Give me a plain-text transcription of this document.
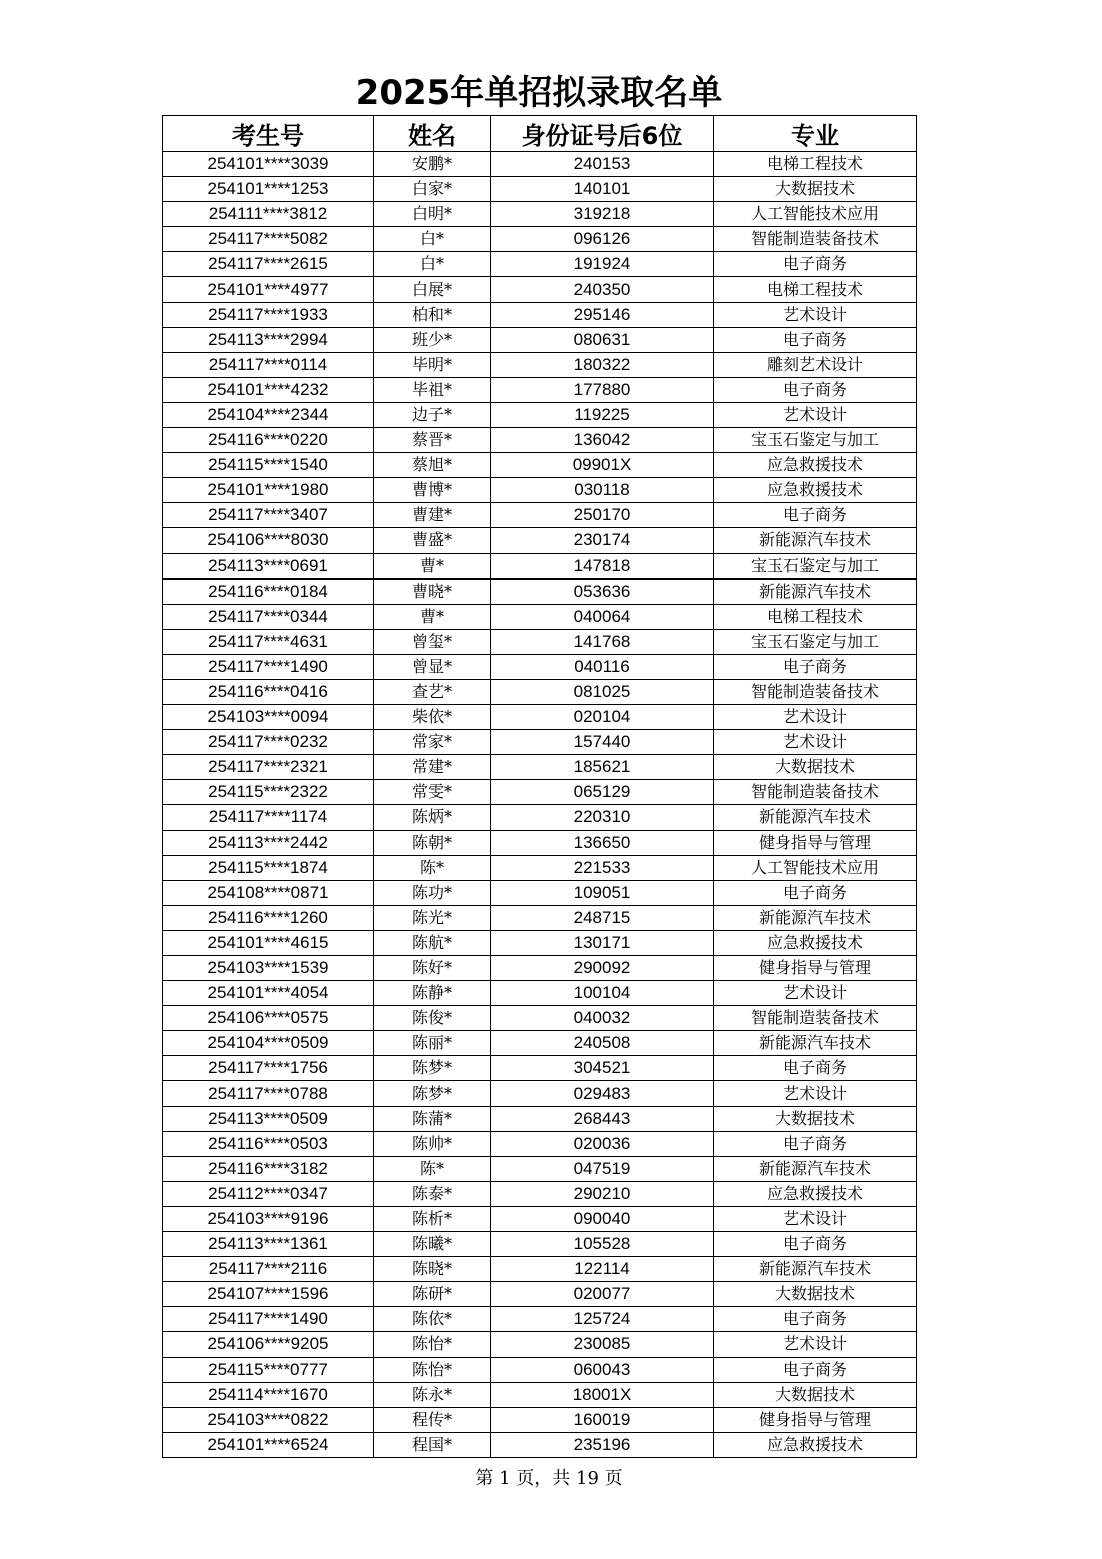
2025年单招拟录取名单
考生号	姓名	身份证号后6位	专业
254101****3039	安鹏*	240153	电梯工程技术
254101****1253	白家*	140101	大数据技术
254111****3812	白明*	319218	人工智能技术应用
254117****5082	白*	096126	智能制造装备技术
254117****2615	白*	191924	电子商务
254101****4977	白展*	240350	电梯工程技术
254117****1933	柏和*	295146	艺术设计
254113****2994	班少*	080631	电子商务
254117****0114	毕明*	180322	雕刻艺术设计
254101****4232	毕祖*	177880	电子商务
254104****2344	边子*	119225	艺术设计
254116****0220	蔡晋*	136042	宝玉石鉴定与加工
254115****1540	蔡旭*	09901X	应急救援技术
254101****1980	曹博*	030118	应急救援技术
254117****3407	曹建*	250170	电子商务
254106****8030	曹盛*	230174	新能源汽车技术
254113****0691	曹*	147818	宝玉石鉴定与加工
254116****0184	曹晓*	053636	新能源汽车技术
254117****0344	曹*	040064	电梯工程技术
254117****4631	曾玺*	141768	宝玉石鉴定与加工
254117****1490	曾显*	040116	电子商务
254116****0416	查艺*	081025	智能制造装备技术
254103****0094	柴依*	020104	艺术设计
254117****0232	常家*	157440	艺术设计
254117****2321	常建*	185621	大数据技术
254115****2322	常雯*	065129	智能制造装备技术
254117****1174	陈炳*	220310	新能源汽车技术
254113****2442	陈朝*	136650	健身指导与管理
254115****1874	陈*	221533	人工智能技术应用
254108****0871	陈功*	109051	电子商务
254116****1260	陈光*	248715	新能源汽车技术
254101****4615	陈航*	130171	应急救援技术
254103****1539	陈好*	290092	健身指导与管理
254101****4054	陈静*	100104	艺术设计
254106****0575	陈俊*	040032	智能制造装备技术
254104****0509	陈丽*	240508	新能源汽车技术
254117****1756	陈梦*	304521	电子商务
254117****0788	陈梦*	029483	艺术设计
254113****0509	陈蒲*	268443	大数据技术
254116****0503	陈帅*	020036	电子商务
254116****3182	陈*	047519	新能源汽车技术
254112****0347	陈泰*	290210	应急救援技术
254103****9196	陈析*	090040	艺术设计
254113****1361	陈曦*	105528	电子商务
254117****2116	陈晓*	122114	新能源汽车技术
254107****1596	陈研*	020077	大数据技术
254117****1490	陈依*	125724	电子商务
254106****9205	陈怡*	230085	艺术设计
254115****0777	陈怡*	060043	电子商务
254114****1670	陈永*	18001X	大数据技术
254103****0822	程传*	160019	健身指导与管理
254101****6524	程国*	235196	应急救援技术
第 1 页，共 19 页
